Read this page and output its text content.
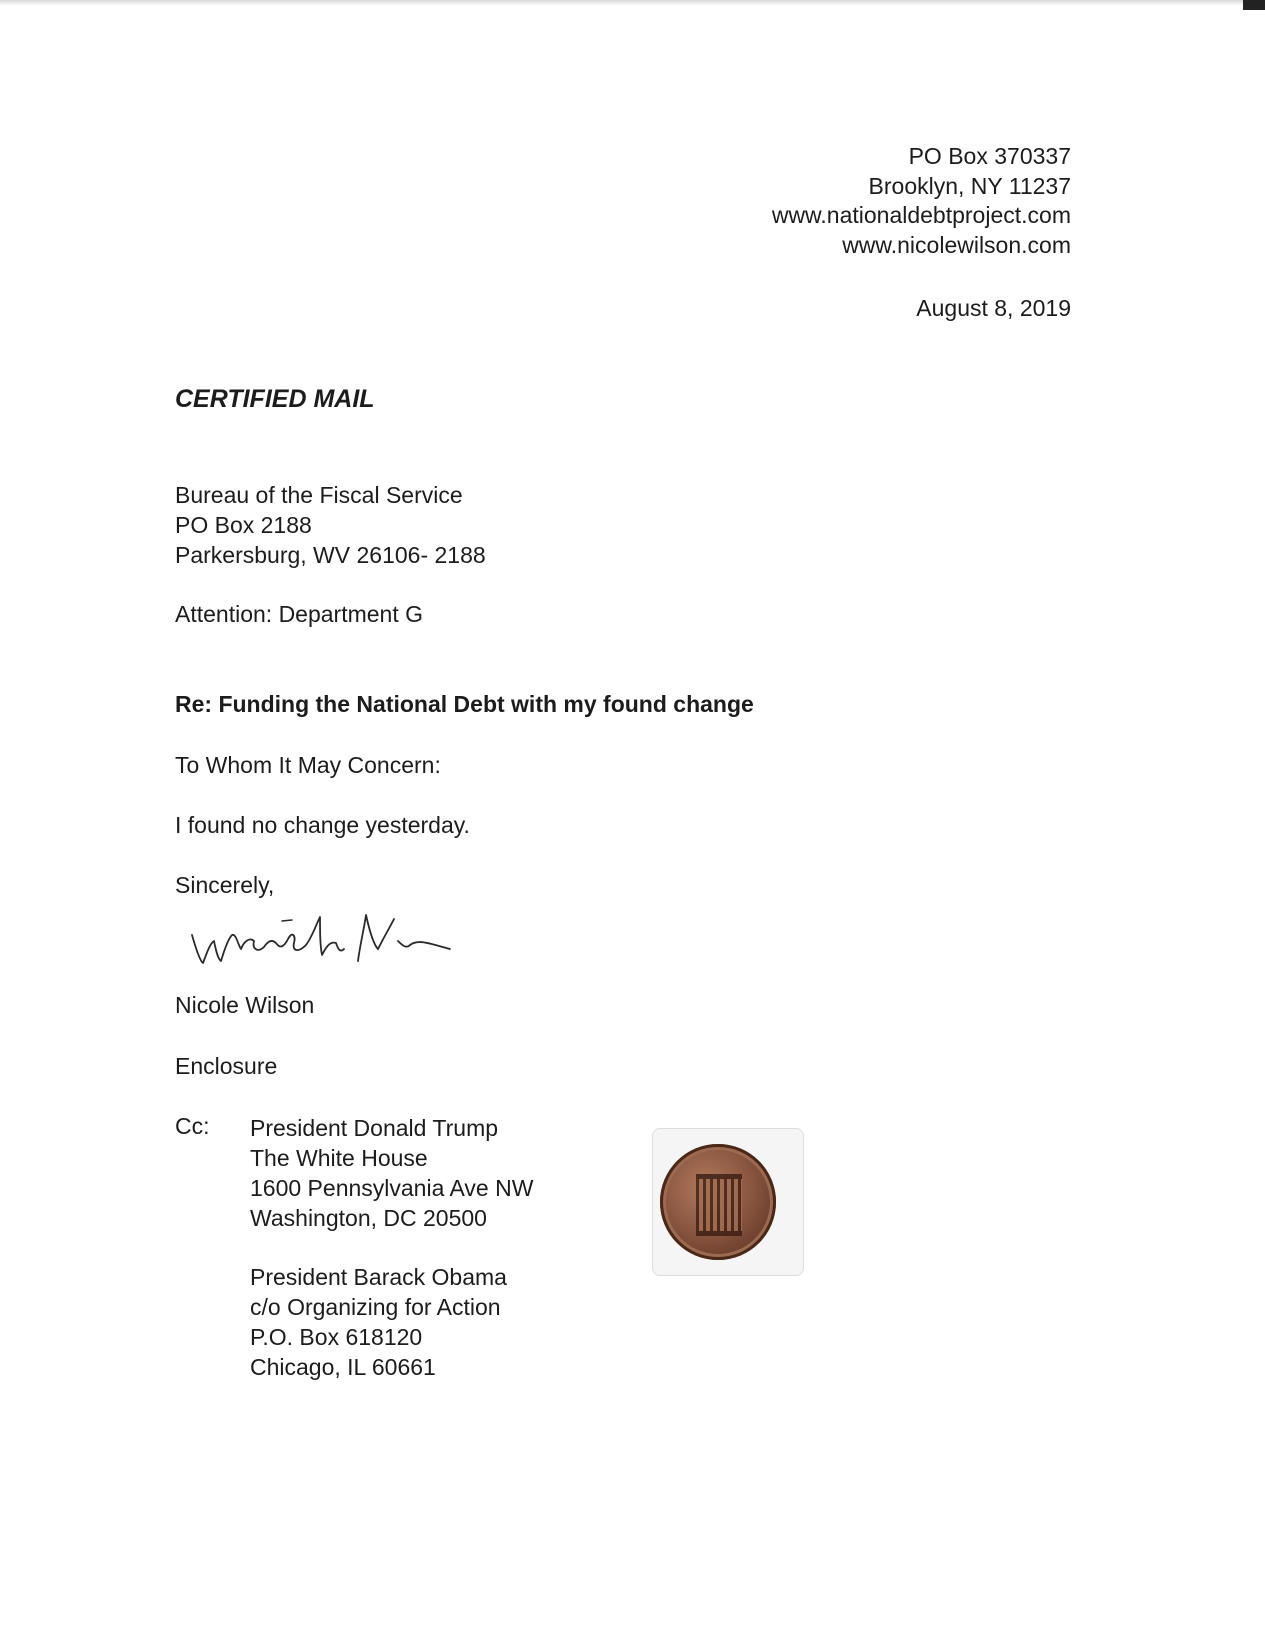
PO Box 370337
Brooklyn, NY 11237
www.nationaldebtproject.com
www.nicolewilson.com
August 8, 2019
CERTIFIED MAIL
Bureau of the Fiscal Service
PO Box 2188
Parkersburg, WV 26106- 2188
Attention: Department G
Re: Funding the National Debt with my found change
To Whom It May Concern:
I found no change yesterday.
Sincerely,
Nicole Wilson
Enclosure
Cc: President Donald Trump
The White House
1600 Pennsylvania Ave NW
Washington, DC 20500
President Barack Obama
c/o Organizing for Action
P.O. Box 618120
Chicago, IL 60661
